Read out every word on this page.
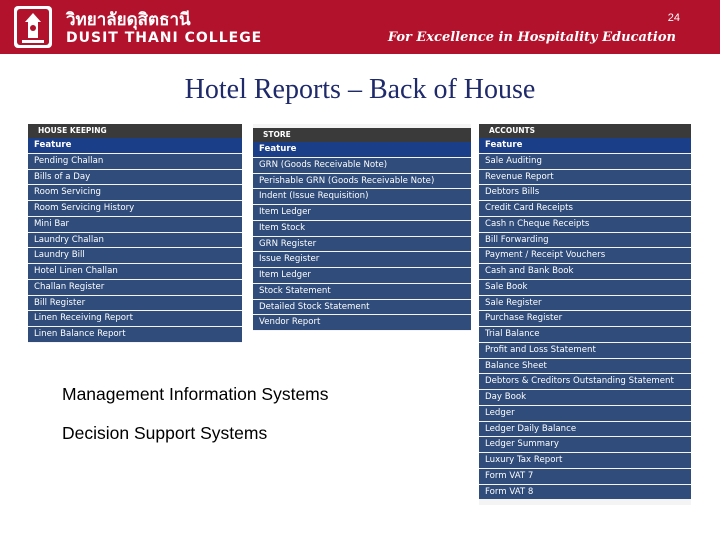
วิทยาลัยดุสิตธานี
DUSIT THANI COLLEGE
24
For Excellence in Hospitality Education
Hotel Reports – Back of House
HOUSE KEEPING
Feature
Pending Challan
Bills of a Day
Room Servicing
Room Servicing History
Mini Bar
Laundry Challan
Laundry Bill
Hotel Linen Challan
Challan Register
Bill Register
Linen Receiving Report
Linen Balance Report
STORE
Feature
GRN (Goods Receivable Note)
Perishable GRN (Goods Receivable Note)
Indent (Issue Requisition)
Item Ledger
Item Stock
GRN Register
Issue Register
Item Ledger
Stock Statement
Detailed Stock Statement
Vendor Report
ACCOUNTS
Feature
Sale Auditing
Revenue Report
Debtors Bills
Credit Card Receipts
Cash n Cheque Receipts
Bill Forwarding
Payment / Receipt Vouchers
Cash and Bank Book
Sale Book
Sale Register
Purchase Register
Trial Balance
Profit and Loss Statement
Balance Sheet
Debtors & Creditors Outstanding Statement
Day Book
Ledger
Ledger Daily Balance
Ledger Summary
Luxury Tax Report
Form VAT 7
Form VAT 8
Management Information Systems
Decision Support Systems
